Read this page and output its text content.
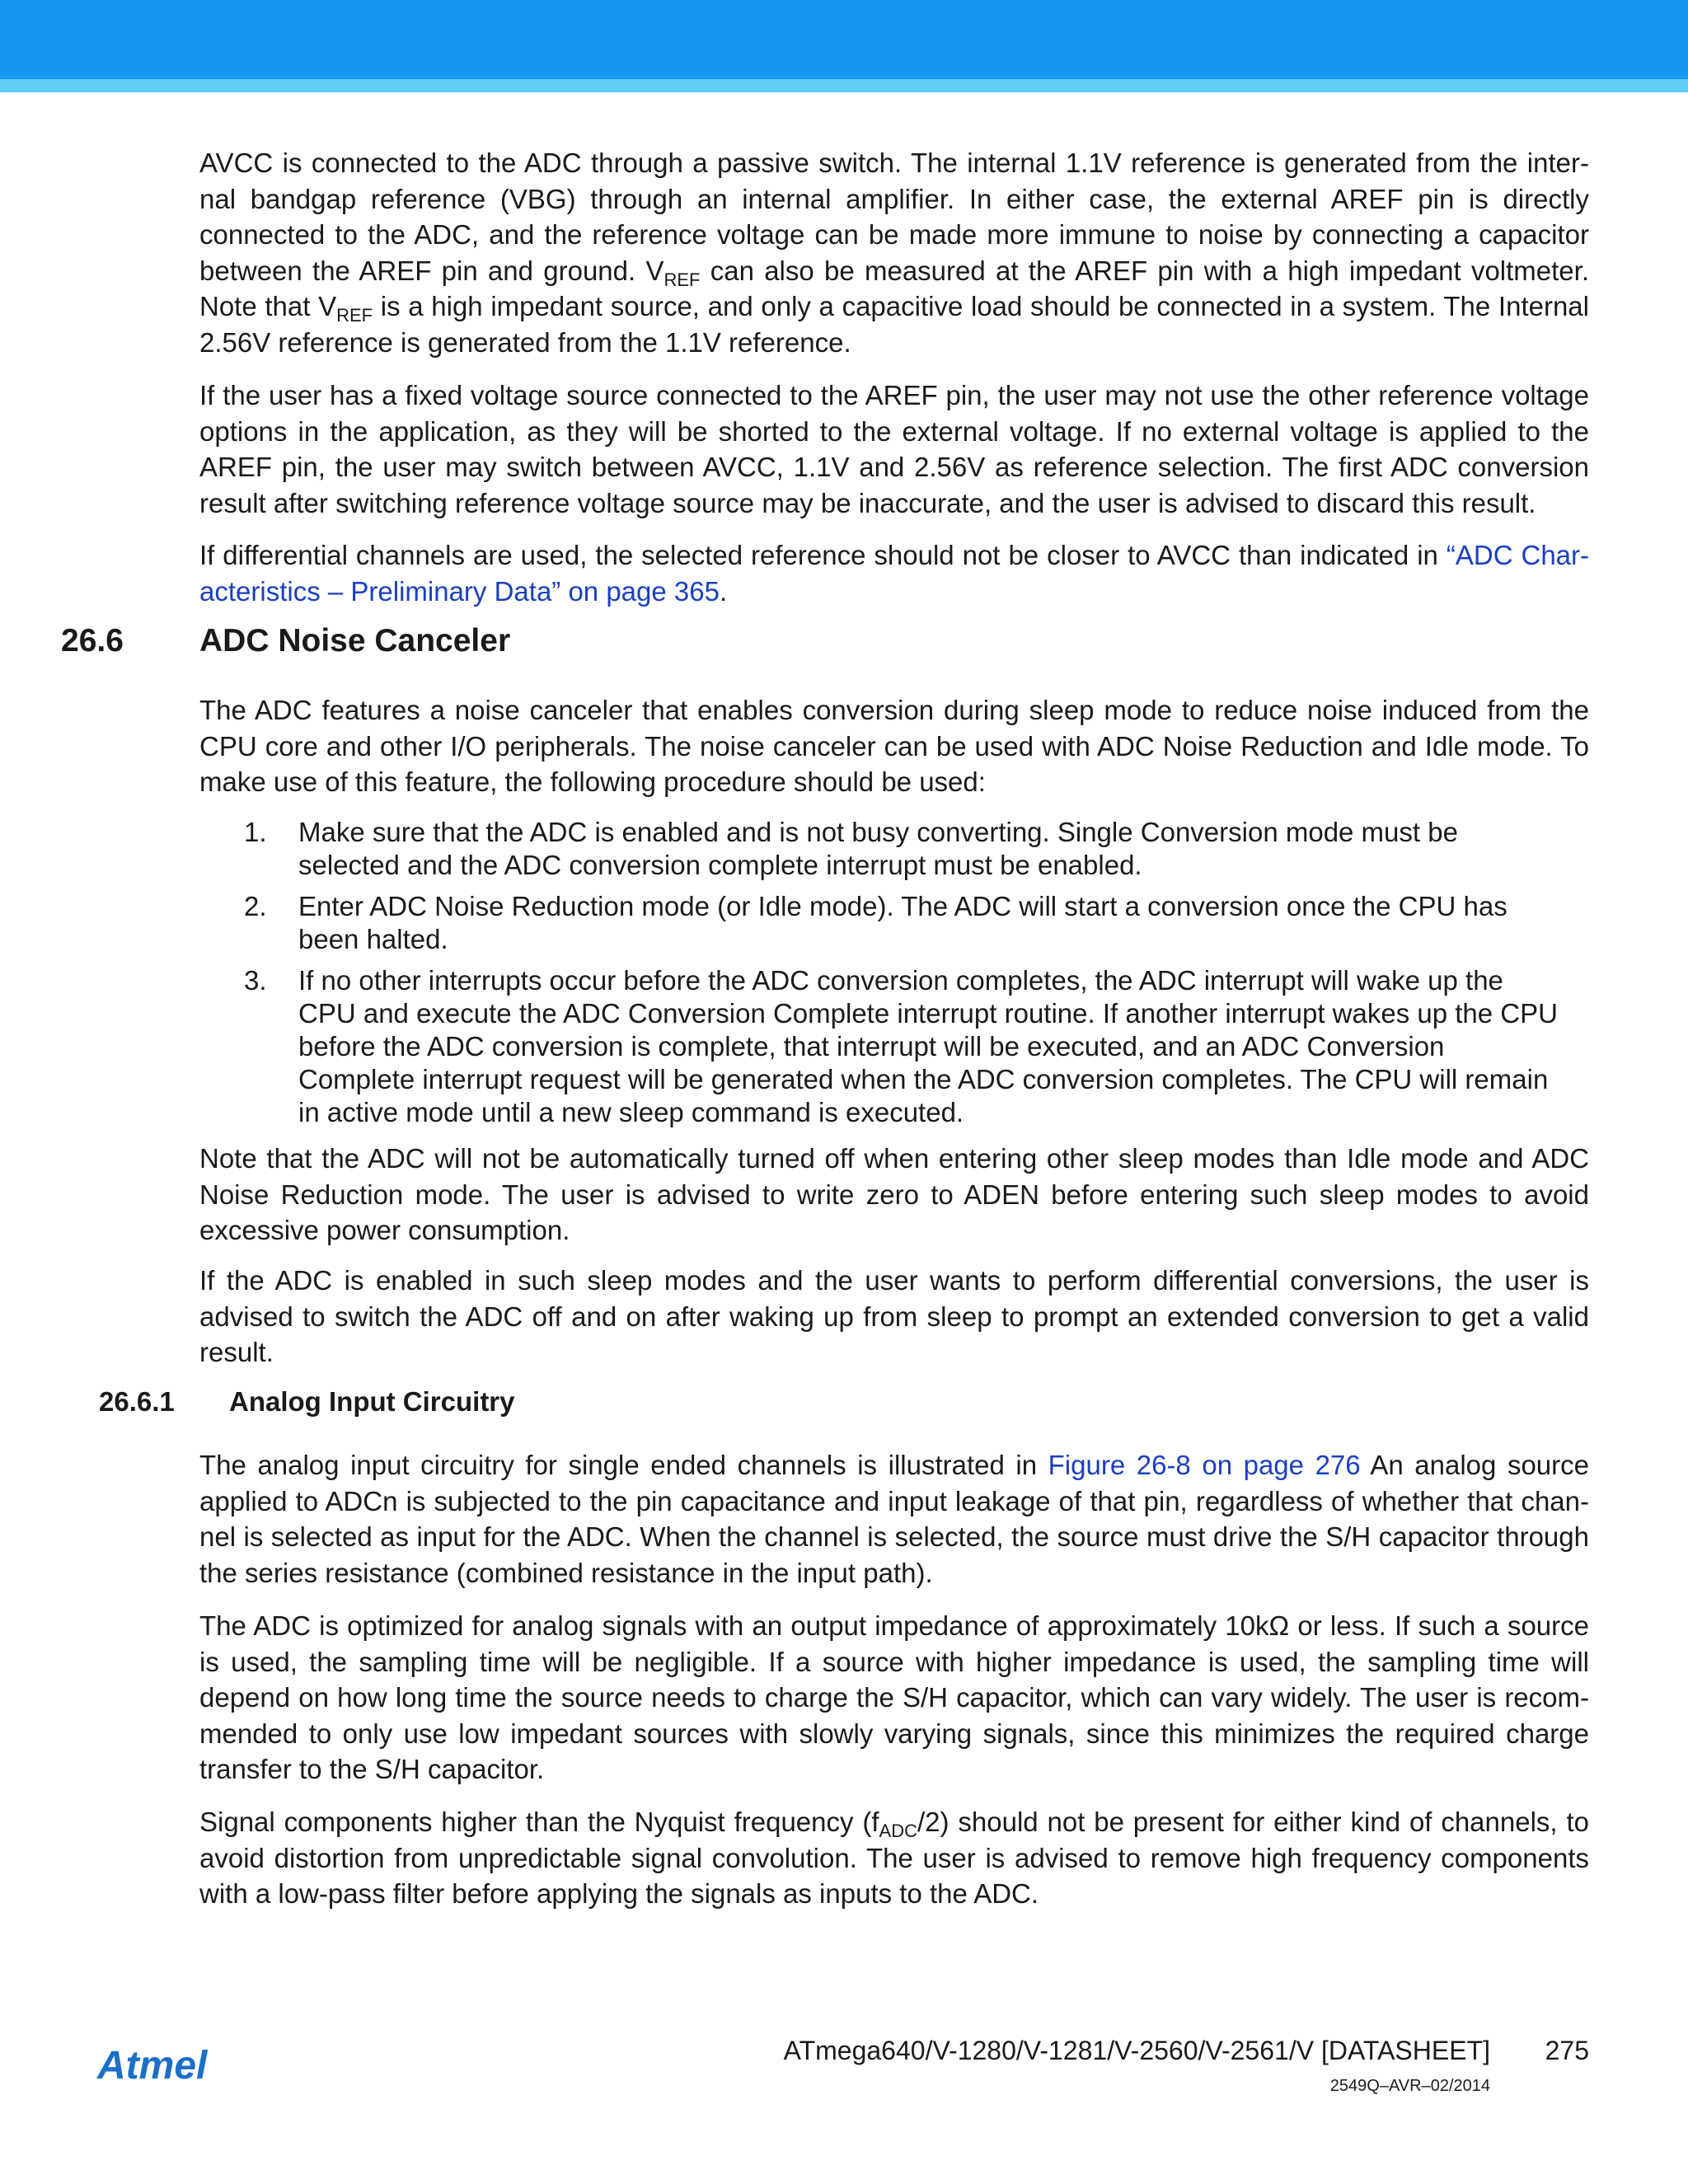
AVCC is connected to the ADC through a passive switch. The internal 1.1V reference is generated from the inter-nal bandgap reference (VBG) through an internal amplifier. In either case, the external AREF pin is directly connected to the ADC, and the reference voltage can be made more immune to noise by connecting a capacitor between the AREF pin and ground. $V_{REF}$ can also be measured at the AREF pin with a high impedant voltmeter. Note that $V_{REF}$ is a high impedant source, and only a capacitive load should be connected in a system. The Internal 2.56V reference is generated from the 1.1V reference.

If the user has a fixed voltage source connected to the AREF pin, the user may not use the other reference voltage options in the application, as they will be shorted to the external voltage. If no external voltage is applied to the AREF pin, the user may switch between AVCC, 1.1V and 2.56V as reference selection. The first ADC conversion result after switching reference voltage source may be inaccurate, and the user is advised to discard this result.

If differential channels are used, the selected reference should not be closer to AVCC than indicated in “ADC Char-acteristics – Preliminary Data” on page 365.

26.6 ADC Noise Canceler

The ADC features a noise canceler that enables conversion during sleep mode to reduce noise induced from the CPU core and other I/O peripherals. The noise canceler can be used with ADC Noise Reduction and Idle mode. To make use of this feature, the following procedure should be used:

1. Make sure that the ADC is enabled and is not busy converting. Single Conversion mode must be selected and the ADC conversion complete interrupt must be enabled.
2. Enter ADC Noise Reduction mode (or Idle mode). The ADC will start a conversion once the CPU has been halted.
3. If no other interrupts occur before the ADC conversion completes, the ADC interrupt will wake up the CPU and execute the ADC Conversion Complete interrupt routine. If another interrupt wakes up the CPU before the ADC conversion is complete, that interrupt will be executed, and an ADC Conversion Complete interrupt request will be generated when the ADC conversion completes. The CPU will remain in active mode until a new sleep command is executed.

Note that the ADC will not be automatically turned off when entering other sleep modes than Idle mode and ADC Noise Reduction mode. The user is advised to write zero to ADEN before entering such sleep modes to avoid excessive power consumption.

If the ADC is enabled in such sleep modes and the user wants to perform differential conversions, the user is advised to switch the ADC off and on after waking up from sleep to prompt an extended conversion to get a valid result.

26.6.1 Analog Input Circuitry

The analog input circuitry for single ended channels is illustrated in Figure 26-8 on page 276 An analog source applied to ADCn is subjected to the pin capacitance and input leakage of that pin, regardless of whether that chan-nel is selected as input for the ADC. When the channel is selected, the source must drive the S/H capacitor through the series resistance (combined resistance in the input path).

The ADC is optimized for analog signals with an output impedance of approximately 10kΩ or less. If such a source is used, the sampling time will be negligible. If a source with higher impedance is used, the sampling time will depend on how long time the source needs to charge the S/H capacitor, which can vary widely. The user is recom-mended to only use low impedant sources with slowly varying signals, since this minimizes the required charge transfer to the S/H capacitor.

Signal components higher than the Nyquist frequency $(f_{ADC}/2)$ should not be present for either kind of channels, to avoid distortion from unpredictable signal convolution. The user is advised to remove high frequency components with a low-pass filter before applying the signals as inputs to the ADC.

Atmel	ATmega640/V-1280/V-1281/V-2560/V-2561/V [DATASHEET] 275
2549Q–AVR–02/2014
